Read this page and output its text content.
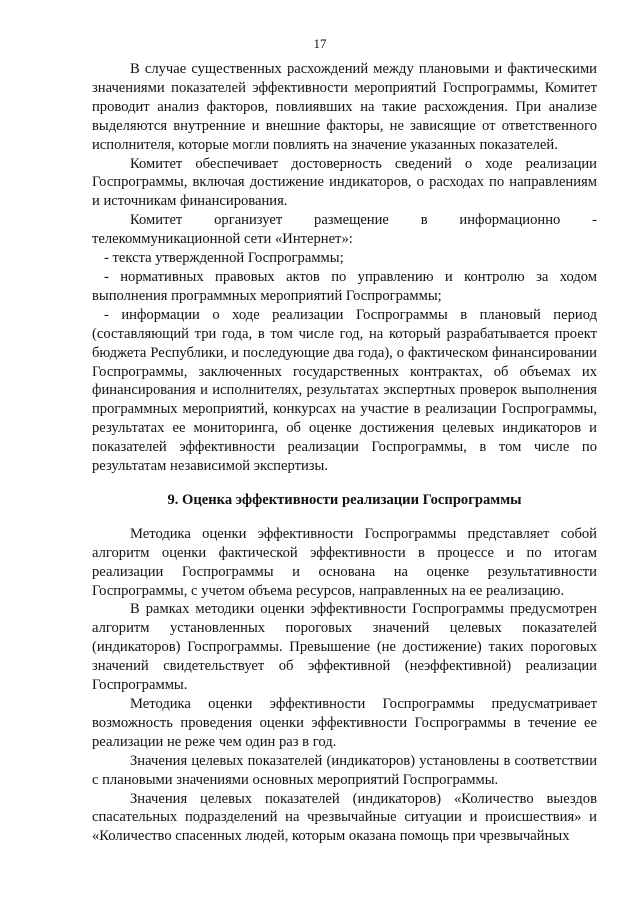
17

В случае существенных расхождений между плановыми и фактическими значениями показателей эффективности мероприятий Госпрограммы, Комитет проводит анализ факторов, повлиявших на такие расхождения. При анализе выделяются внутренние и внешние факторы, не зависящие от ответственного исполнителя, которые могли повлиять на значение указанных показателей.

Комитет обеспечивает достоверность сведений о ходе реализации Госпрограммы, включая достижение индикаторов, о расходах по направлениям и источникам финансирования.

Комитет организует размещение в информационно - телекоммуникационной сети «Интернет»:

- текста утвержденной Госпрограммы;

- нормативных правовых актов по управлению и контролю за ходом выполнения программных мероприятий Госпрограммы;

- информации о ходе реализации Госпрограммы в плановый период (составляющий три года, в том числе год, на который разрабатывается проект бюджета Республики, и последующие два года), о фактическом финансировании Госпрограммы, заключенных государственных контрактах, об объемах их финансирования и исполнителях, результатах экспертных проверок выполнения программных мероприятий, конкурсах на участие в реализации Госпрограммы, результатах ее мониторинга, об оценке достижения целевых индикаторов и показателей эффективности реализации Госпрограммы, в том числе по результатам независимой экспертизы.

9. Оценка эффективности реализации Госпрограммы

Методика оценки эффективности Госпрограммы представляет собой алгоритм оценки фактической эффективности в процессе и по итогам реализации Госпрограммы и основана на оценке результативности Госпрограммы, с учетом объема ресурсов, направленных на ее реализацию.

В рамках методики оценки эффективности Госпрограммы предусмотрен алгоритм установленных пороговых значений целевых показателей (индикаторов) Госпрограммы. Превышение (не достижение) таких пороговых значений свидетельствует об эффективной (неэффективной) реализации Госпрограммы.

Методика оценки эффективности Госпрограммы предусматривает возможность проведения оценки эффективности Госпрограммы в течение ее реализации не реже чем один раз в год.

Значения целевых показателей (индикаторов) установлены в соответствии с плановыми значениями основных мероприятий Госпрограммы.

Значения целевых показателей (индикаторов) «Количество выездов спасательных подразделений на чрезвычайные ситуации и происшествия» и «Количество спасенных людей, которым оказана помощь при чрезвычайных
